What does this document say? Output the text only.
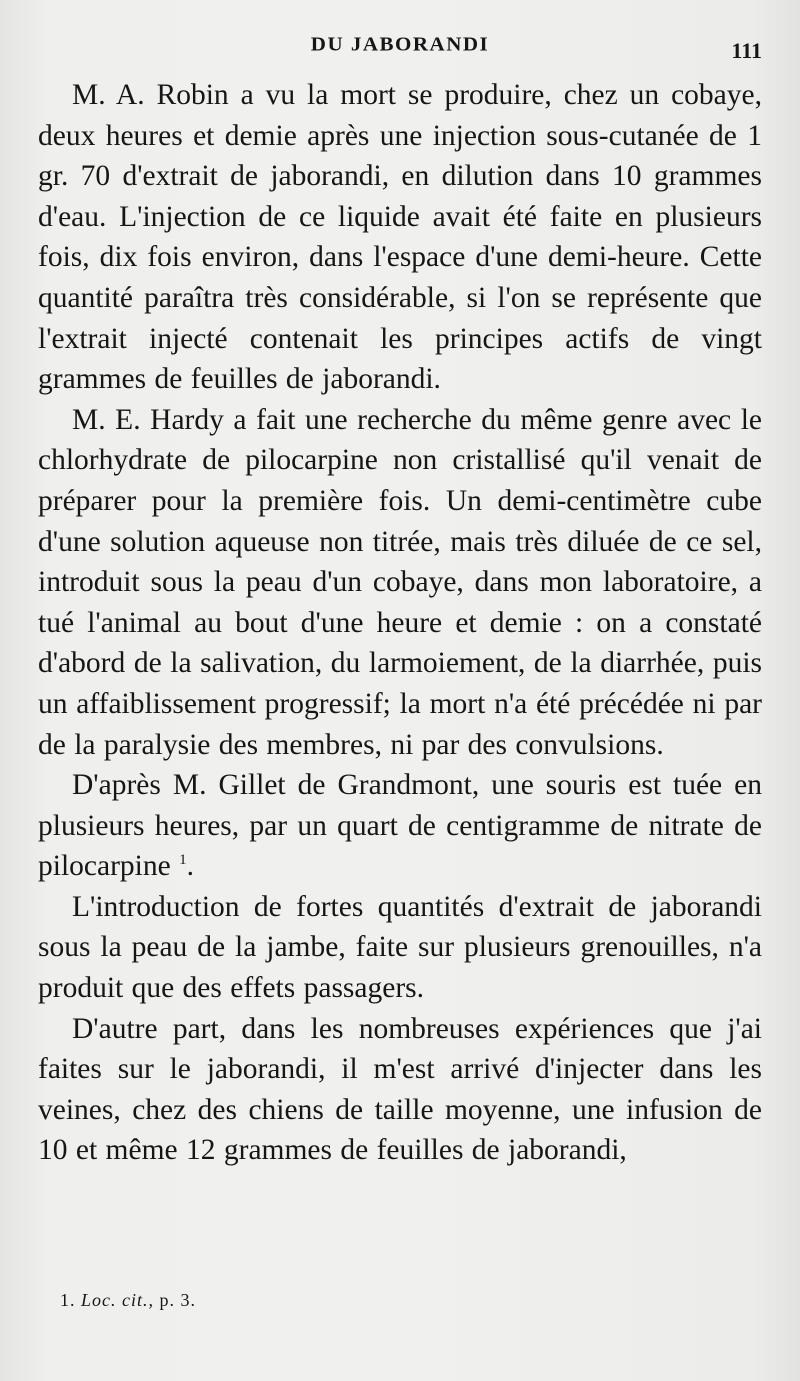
DU JABORANDI	111

M. A. Robin a vu la mort se produire, chez un cobaye, deux heures et demie après une injection sous-cutanée de 1 gr. 70 d'extrait de jaborandi, en dilution dans 10 grammes d'eau. L'injection de ce liquide avait été faite en plusieurs fois, dix fois environ, dans l'espace d'une demi-heure. Cette quantité paraîtra très considérable, si l'on se représente que l'extrait injecté contenait les principes actifs de vingt grammes de feuilles de jaborandi.

M. E. Hardy a fait une recherche du même genre avec le chlorhydrate de pilocarpine non cristallisé qu'il venait de préparer pour la première fois. Un demi-centimètre cube d'une solution aqueuse non titrée, mais très diluée de ce sel, introduit sous la peau d'un cobaye, dans mon laboratoire, a tué l'animal au bout d'une heure et demie : on a constaté d'abord de la salivation, du larmoiement, de la diarrhée, puis un affaiblissement progressif; la mort n'a été précédée ni par de la paralysie des membres, ni par des convulsions.

D'après M. Gillet de Grandmont, une souris est tuée en plusieurs heures, par un quart de centigramme de nitrate de pilocarpine $^1$.

L'introduction de fortes quantités d'extrait de jaborandi sous la peau de la jambe, faite sur plusieurs grenouilles, n'a produit que des effets passagers.

D'autre part, dans les nombreuses expériences que j'ai faites sur le jaborandi, il m'est arrivé d'injecter dans les veines, chez des chiens de taille moyenne, une infusion de 10 et même 12 grammes de feuilles de jaborandi,

1. Loc. cit., p. 3.
